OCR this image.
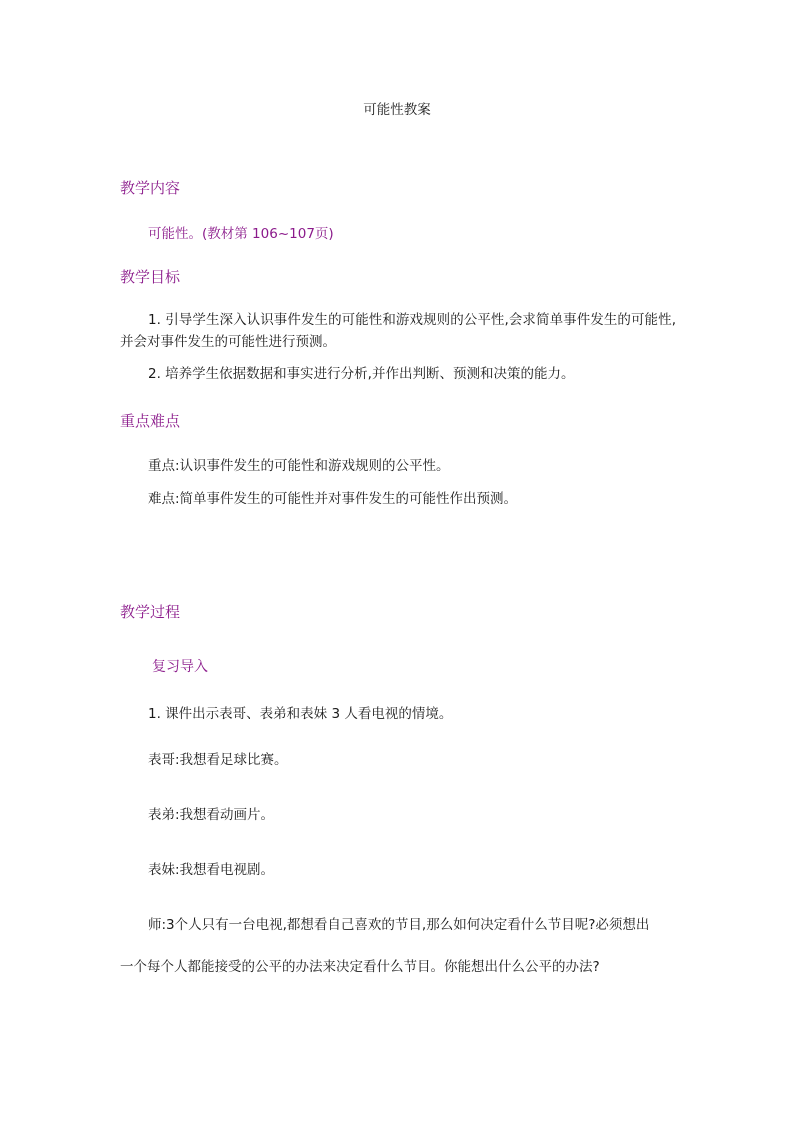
可能性教案
教学内容
可能性。(教材第 106~107页)
教学目标
1. 引导学生深入认识事件发生的可能性和游戏规则的公平性,会求简单事件发生的可能性,并会对事件发生的可能性进行预测。
2. 培养学生依据数据和事实进行分析,并作出判断、预测和决策的能力。
重点难点
重点:认识事件发生的可能性和游戏规则的公平性。
难点:简单事件发生的可能性并对事件发生的可能性作出预测。
教学过程
复习导入
1. 课件出示表哥、表弟和表妹 3 人看电视的情境。
表哥:我想看足球比赛。
表弟:我想看动画片。
表妹:我想看电视剧。
师:3个人只有一台电视,都想看自己喜欢的节目,那么如何决定看什么节目呢?必须想出
一个每个人都能接受的公平的办法来决定看什么节目。你能想出什么公平的办法?
